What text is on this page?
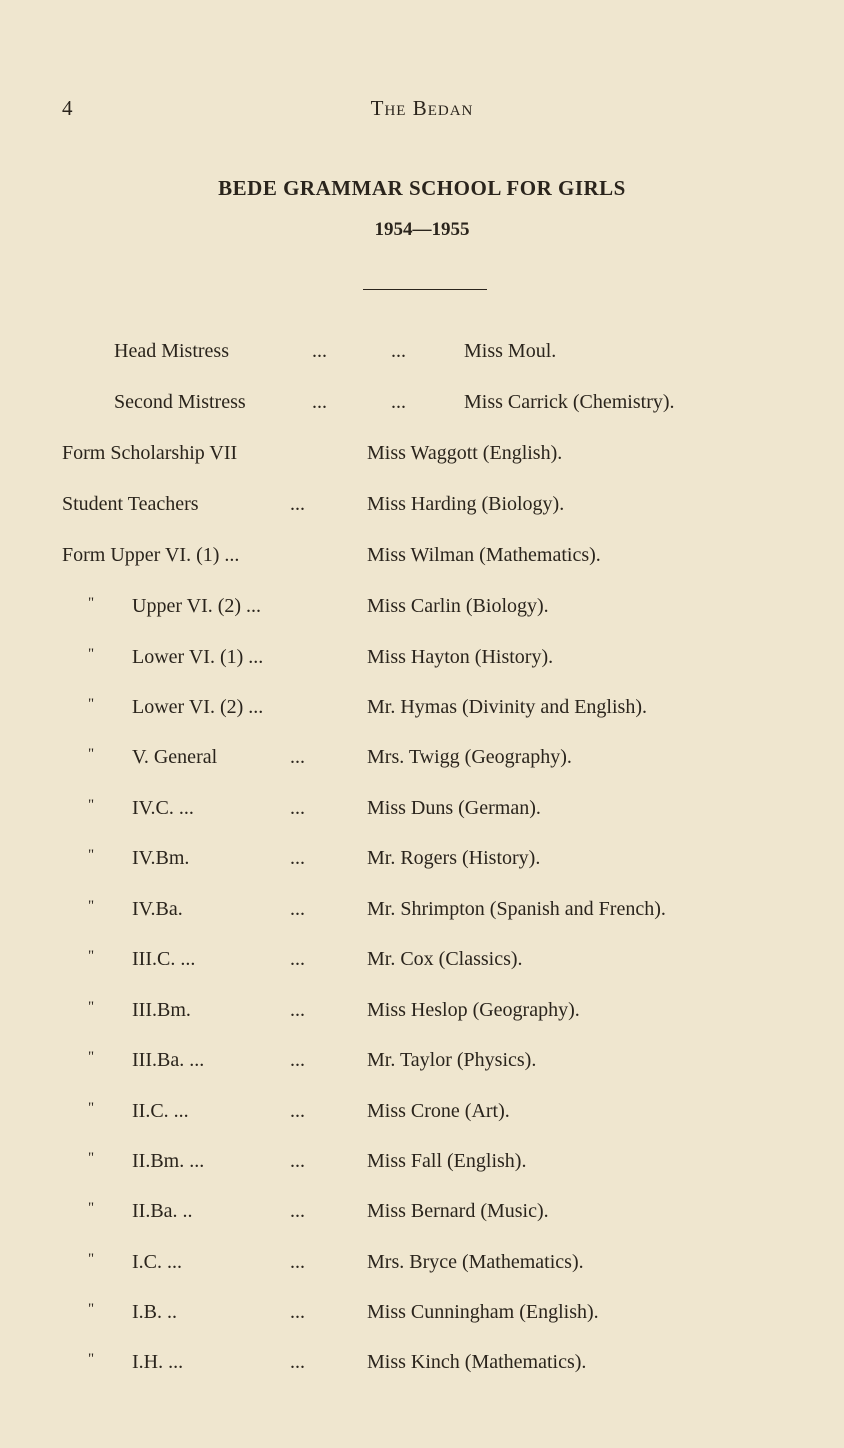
4	The Bedan
BEDE GRAMMAR SCHOOL FOR GIRLS
1954—1955
Head Mistress	...	...	Miss Moul.
Second Mistress	...	...	Miss Carrick (Chemistry).
Form Scholarship VII	Miss Waggott (English).
Student Teachers	...	Miss Harding (Biology).
Form Upper VI. (1) ...	Miss Wilman (Mathematics).
" Upper VI. (2) ...	Miss Carlin (Biology).
" Lower VI. (1) ...	Miss Hayton (History).
" Lower VI. (2) ...	Mr. Hymas (Divinity and English).
" V. General	...	Mrs. Twigg (Geography).
" IV.C. ...	...	Miss Duns (German).
" IV.Bm.	...	Mr. Rogers (History).
" IV.Ba.	...	Mr. Shrimpton (Spanish and French).
" III.C. ...	...	Mr. Cox (Classics).
" III.Bm.	...	Miss Heslop (Geography).
" III.Ba. ...	...	Mr. Taylor (Physics).
" II.C. ...	...	Miss Crone (Art).
" II.Bm. ...	...	Miss Fall (English).
" II.Ba. ..	...	Miss Bernard (Music).
" I.C. ...	...	Mrs. Bryce (Mathematics).
" I.B. ..	...	Miss Cunningham (English).
" I.H. ...	...	Miss Kinch (Mathematics).
